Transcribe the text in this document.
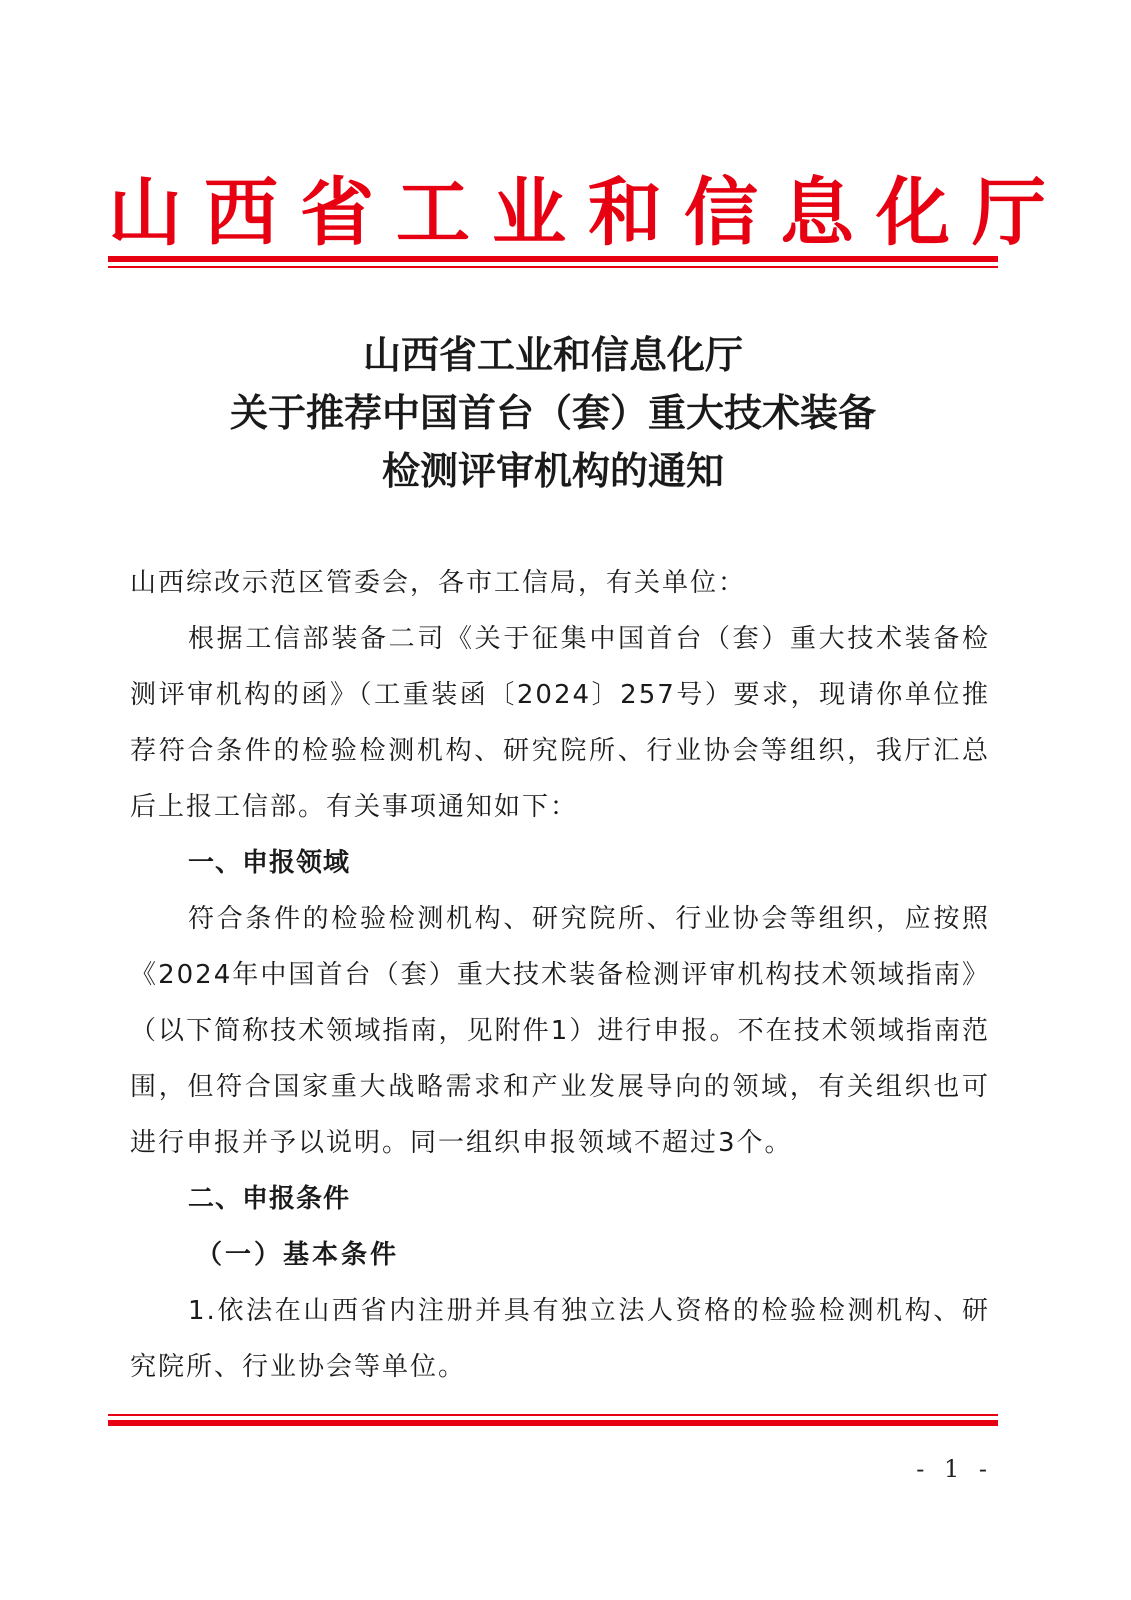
山西省工业和信息化厅
山西省工业和信息化厅
关于推荐中国首台（套）重大技术装备
检测评审机构的通知

山西综改示范区管委会，各市工信局，有关单位：

根据工信部装备二司《关于征集中国首台（套）重大技术装备检测评审机构的函》（工重装函〔2024〕257号）要求，现请你单位推荐符合条件的检验检测机构、研究院所、行业协会等组织，我厅汇总后上报工信部。有关事项通知如下：

一、申报领域

符合条件的检验检测机构、研究院所、行业协会等组织，应按照《2024年中国首台（套）重大技术装备检测评审机构技术领域指南》（以下简称技术领域指南，见附件1）进行申报。不在技术领域指南范围，但符合国家重大战略需求和产业发展导向的领域，有关组织也可进行申报并予以说明。同一组织申报领域不超过3个。

二、申报条件

（一）基本条件

1.依法在山西省内注册并具有独立法人资格的检验检测机构、研究院所、行业协会等单位。

- 1 -
